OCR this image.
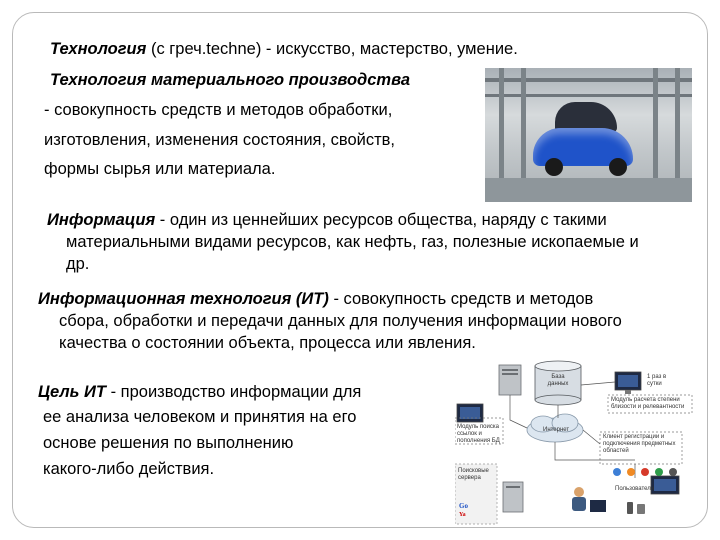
Технология (с греч.techne) - искусство, мастерство, умение.
Технология материального производства
- совокупность средств и методов обработки,
изготовления, изменения состояния, свойств,
формы сырья или материала.
Информация - один из ценнейших ресурсов общества, наряду с такими
материальными видами ресурсов, как нефть, газ, полезные ископаемые и
др.
Информационная технология (ИТ) - совокупность средств и методов
сбора, обработки и передачи данных для получения информации нового
качества о состоянии объекта, процесса или явления.
Цель ИТ - производство информации для
ее анализа человеком и принятия на его
основе решения по выполнению
какого-либо действия.
Go
Ya
База данных
1 раз в сутки
Модуль расчета степени близости и релевантности
Модуль поиска ссылок и пополнения БД
Интернет
Клиент регистрации и подключения предметных областей
Поисковые сервера
Пользователи
